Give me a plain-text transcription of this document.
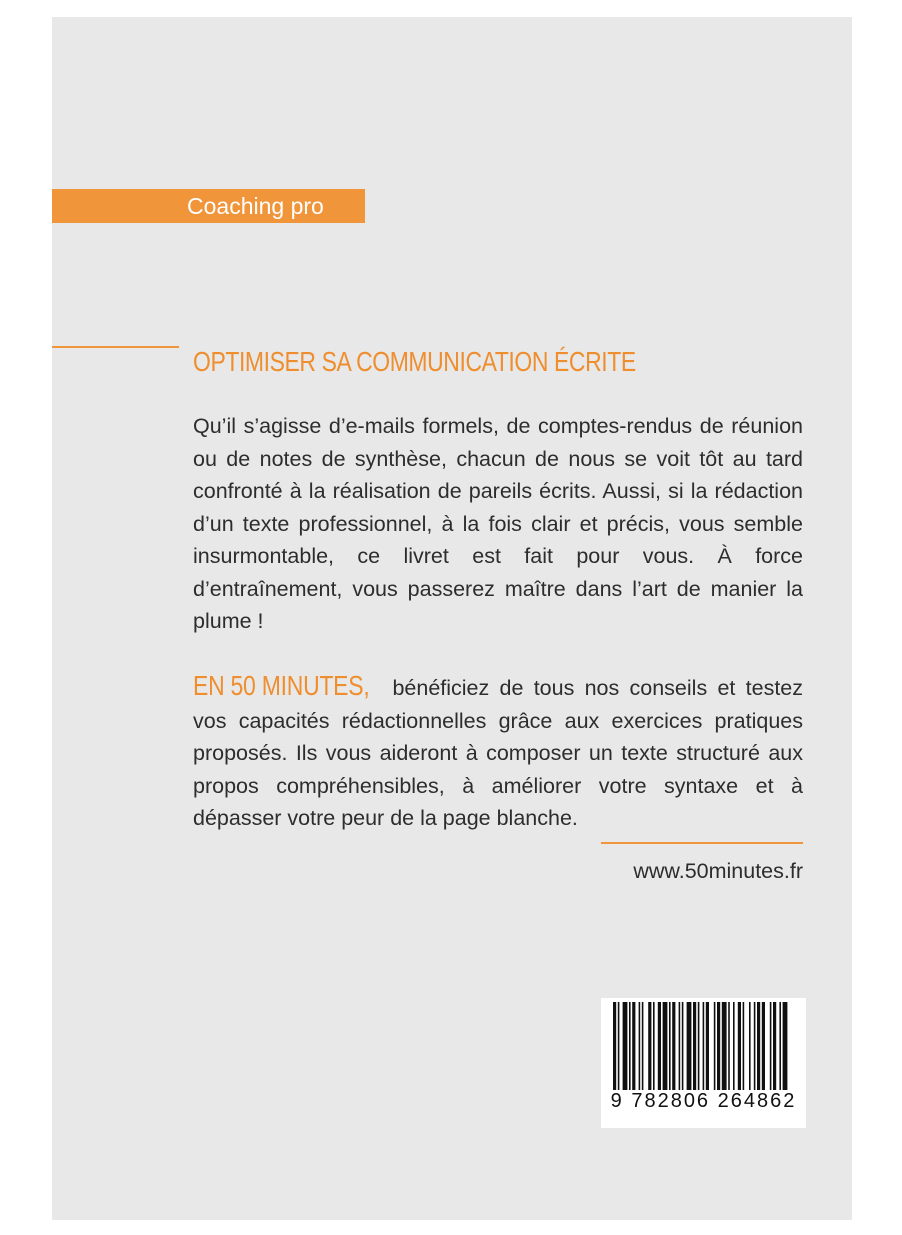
Coaching pro
OPTIMISER SA COMMUNICATION ÉCRITE
Qu’il s’agisse d’e-mails formels, de comptes-rendus de réunion ou de notes de synthèse, chacun de nous se voit tôt au tard confronté à la réalisation de pareils écrits. Aussi, si la rédaction d’un texte professionnel, à la fois clair et précis, vous semble insurmontable, ce livret est fait pour vous. À force d’entraînement, vous passerez maître dans l’art de manier la plume !
EN 50 MINUTES, bénéficiez de tous nos conseils et testez vos capacités rédactionnelles grâce aux exercices pratiques proposés. Ils vous aideront à composer un texte structuré aux propos compréhensibles, à améliorer votre syntaxe et à dépasser votre peur de la page blanche.
www.50minutes.fr
9 782806 264862
